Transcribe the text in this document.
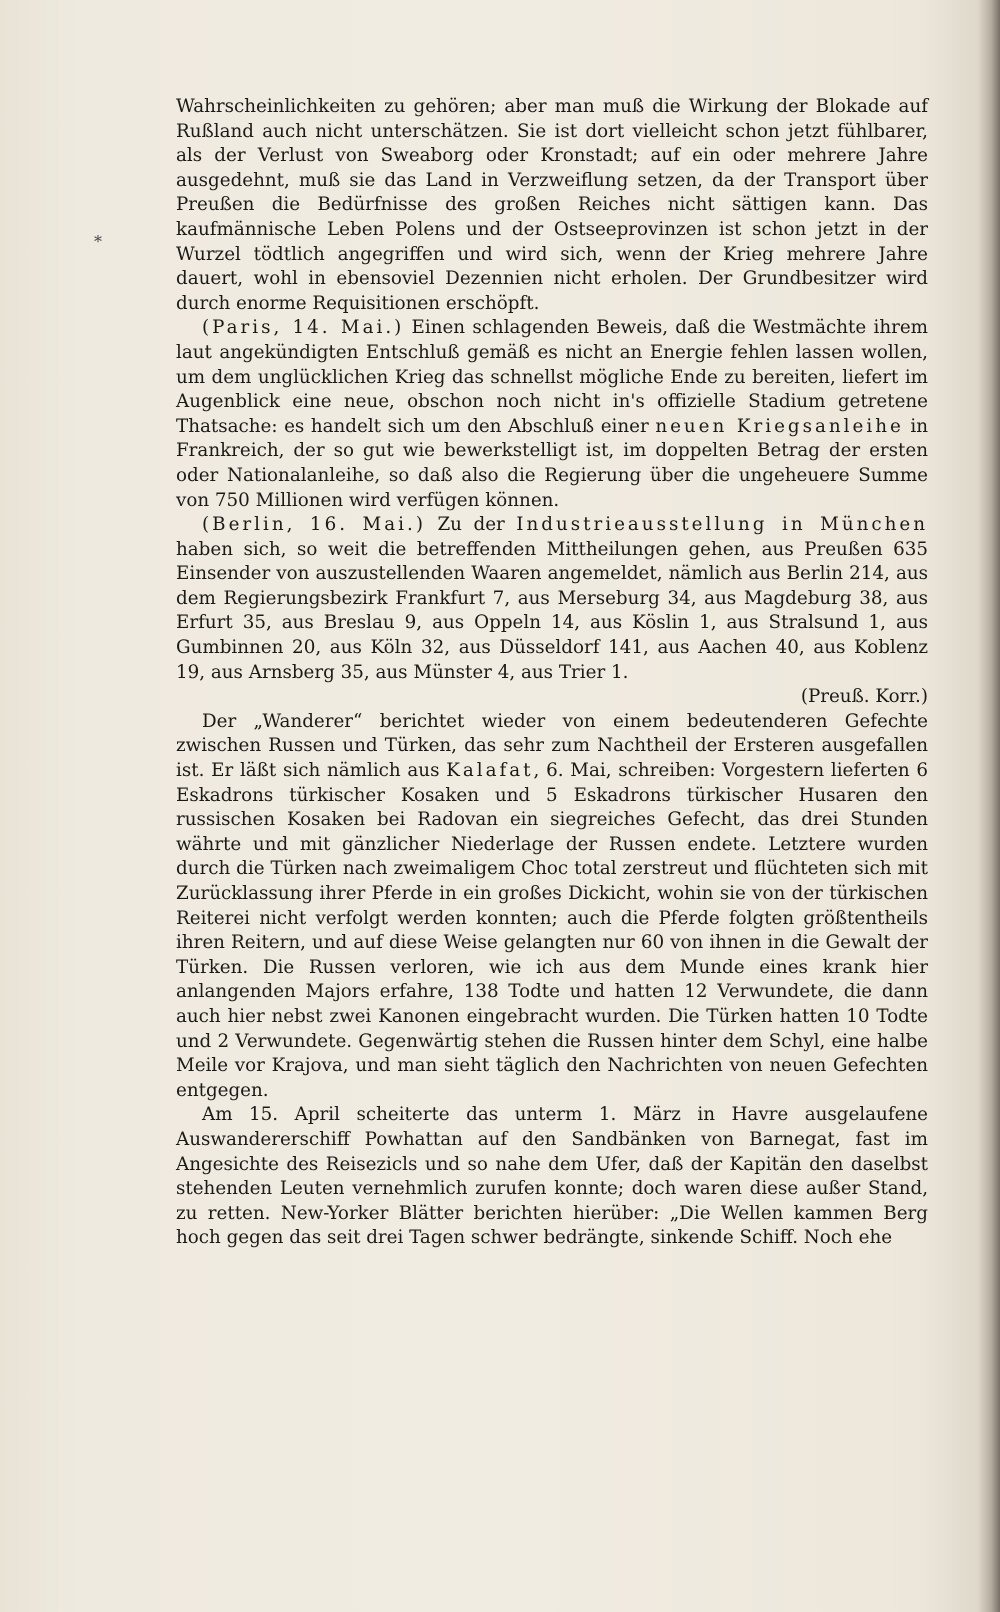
*

Wahrscheinlichkeiten zu gehören; aber man muß die Wirkung der Blokade auf Rußland auch nicht unterschätzen. Sie ist dort vielleicht schon jetzt fühlbarer, als der Verlust von Sweaborg oder Kronstadt; auf ein oder mehrere Jahre ausgedehnt, muß sie das Land in Verzweiflung setzen, da der Transport über Preußen die Bedürfnisse des großen Reiches nicht sättigen kann. Das kaufmännische Leben Polens und der Ostseeprovinzen ist schon jetzt in der Wurzel tödtlich angegriffen und wird sich, wenn der Krieg mehrere Jahre dauert, wohl in ebensoviel Dezennien nicht erholen. Der Grundbesitzer wird durch enorme Requisitionen erschöpft.

(Paris, 14. Mai.) Einen schlagenden Beweis, daß die Westmächte ihrem laut angekündigten Entschluß gemäß es nicht an Energie fehlen lassen wollen, um dem unglücklichen Krieg das schnellst mögliche Ende zu bereiten, liefert im Augenblick eine neue, obschon noch nicht in's offizielle Stadium getretene Thatsache: es handelt sich um den Abschluß einer neuen Kriegsanleihe in Frankreich, der so gut wie bewerkstelligt ist, im doppelten Betrag der ersten oder Nationalanleihe, so daß also die Regierung über die ungeheuere Summe von 750 Millionen wird verfügen können.

(Berlin, 16. Mai.) Zu der Industrieausstellung in München haben sich, so weit die betreffenden Mittheilungen gehen, aus Preußen 635 Einsender von auszustellenden Waaren angemeldet, nämlich aus Berlin 214, aus dem Regierungsbezirk Frankfurt 7, aus Merseburg 34, aus Magdeburg 38, aus Erfurt 35, aus Breslau 9, aus Oppeln 14, aus Köslin 1, aus Stralsund 1, aus Gumbinnen 20, aus Köln 32, aus Düsseldorf 141, aus Aachen 40, aus Koblenz 19, aus Arnsberg 35, aus Münster 4, aus Trier 1.

(Preuß. Korr.)

Der „Wanderer“ berichtet wieder von einem bedeutenderen Gefechte zwischen Russen und Türken, das sehr zum Nachtheil der Ersteren ausgefallen ist. Er läßt sich nämlich aus Kalafat, 6. Mai, schreiben: Vorgestern lieferten 6 Eskadrons türkischer Kosaken und 5 Eskadrons türkischer Husaren den russischen Kosaken bei Radovan ein siegreiches Gefecht, das drei Stunden währte und mit gänzlicher Niederlage der Russen endete. Letztere wurden durch die Türken nach zweimaligem Choc total zerstreut und flüchteten sich mit Zurücklassung ihrer Pferde in ein großes Dickicht, wohin sie von der türkischen Reiterei nicht verfolgt werden konnten; auch die Pferde folgten größtentheils ihren Reitern, und auf diese Weise gelangten nur 60 von ihnen in die Gewalt der Türken. Die Russen verloren, wie ich aus dem Munde eines krank hier anlangenden Majors erfahre, 138 Todte und hatten 12 Verwundete, die dann auch hier nebst zwei Kanonen eingebracht wurden. Die Türken hatten 10 Todte und 2 Verwundete. Gegenwärtig stehen die Russen hinter dem Schyl, eine halbe Meile vor Krajova, und man sieht täglich den Nachrichten von neuen Gefechten entgegen.

Am 15. April scheiterte das unterm 1. März in Havre ausgelaufene Auswandererschiff Powhattan auf den Sandbänken von Barnegat, fast im Angesichte des Reisezicls und so nahe dem Ufer, daß der Kapitän den daselbst stehenden Leuten vernehmlich zurufen konnte; doch waren diese außer Stand, zu retten. New-Yorker Blätter berichten hierüber: „Die Wellen kammen Berg hoch gegen das seit drei Tagen schwer bedrängte, sinkende Schiff. Noch ehe
